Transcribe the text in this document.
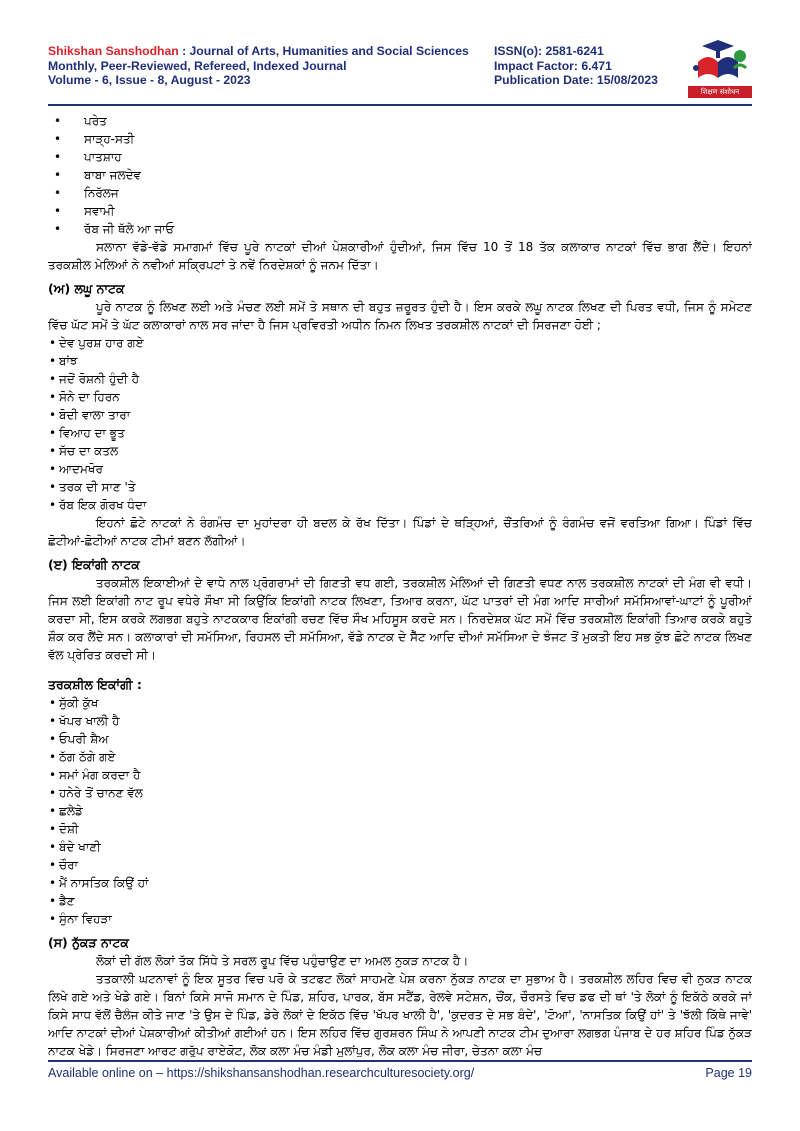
Shikshan Sanshodhan : Journal of Arts, Humanities and Social Sciences
Monthly, Peer-Reviewed, Refereed, Indexed Journal
Volume - 6, Issue - 8, August - 2023
ISSN(o): 2581-6241
Impact Factor: 6.471
Publication Date: 15/08/2023
शिक्षण संशोधन
• ਪਰੇਤ
• ਸਾੜ੍ਹ-ਸਤੀ
• ਪਾਤਸ਼ਾਹ
• ਬਾਬਾ ਜਲਦੇਵ
• ਨਿਰੱਲਜ
• ਸਵਾਮੀ
• ਰੱਬ ਜੀ ਥੱਲੇ ਆ ਜਾਓ

ਸਲਾਨਾ ਵੱਡੇ-ਵੱਡੇ ਸਮਾਗਮਾਂ ਵਿੱਚ ਪੂਰੇ ਨਾਟਕਾਂ ਦੀਆਂ ਪੇਸ਼ਕਾਰੀਆਂ ਹੁੰਦੀਆਂ, ਜਿਸ ਵਿੱਚ 10 ਤੋਂ 18 ਤੱਕ ਕਲਾਕਾਰ ਨਾਟਕਾਂ ਵਿੱਚ ਭਾਗ ਲੈਂਦੇ। ਇਹਨਾਂ ਤਰਕਸ਼ੀਲ ਮੇਲਿਆਂ ਨੇ ਨਵੀਆਂ ਸਕ੍ਰਿਪਟਾਂ ਤੇ ਨਵੇਂ ਨਿਰਦੇਸ਼ਕਾਂ ਨੂੰ ਜਨਮ ਦਿੱਤਾ।

(ਅ) ਲਘੂ ਨਾਟਕ

ਪੂਰੇ ਨਾਟਕ ਨੂੰ ਲਿਖਣ ਲਈ ਅਤੇ ਮੰਚਣ ਲਈ ਸਮੇਂ ਤੇ ਸਥਾਨ ਦੀ ਬਹੁਤ ਜ਼ਰੂਰਤ ਹੁੰਦੀ ਹੈ। ਇਸ ਕਰਕੇ ਲਘੂ ਨਾਟਕ ਲਿਖਣ ਦੀ ਪਿਰਤ ਵਧੀ, ਜਿਸ ਨੂੰ ਸਮੇਟਣ ਵਿੱਚ ਘੱਟ ਸਮੇਂ ਤੇ ਘੱਟ ਕਲਾਕਾਰਾਂ ਨਾਲ ਸਰ ਜਾਂਦਾ ਹੈ ਜਿਸ ਪ੍ਰਵਿਰਤੀ ਅਧੀਨ ਨਿਮਨ ਲਿਖਤ ਤਰਕਸ਼ੀਲ ਨਾਟਕਾਂ ਦੀ ਸਿਰਜਣਾ ਹੋਈ ;

• ਦੇਵ ਪੁਰਸ਼ ਹਾਰ ਗਏ
• ਬਾਂਝ
• ਜਦੋਂ ਰੋਸ਼ਨੀ ਹੁੰਦੀ ਹੈ
• ਸੋਨੇ ਦਾ ਹਿਰਨ
• ਬੋਦੀ ਵਾਲਾ ਤਾਰਾ
• ਵਿਆਹ ਦਾ ਭੂਤ
• ਸੱਚ ਦਾ ਕਤਲ
• ਆਦਮਖੋਰ
• ਤਰਕ ਦੀ ਸਾਣ 'ਤੇ
• ਰੱਬ ਇਕ ਗੋਰਖ ਧੰਦਾ

ਇਹਨਾਂ ਛੋਟੇ ਨਾਟਕਾਂ ਨੇ ਰੰਗਮੰਚ ਦਾ ਮੁਹਾਂਦਰਾ ਹੀ ਬਦਲ ਕੇ ਰੱਖ ਦਿੱਤਾ। ਪਿੰਡਾਂ ਦੇ ਥੜ੍ਹਿਆਂ, ਚੌਂਤਰਿਆਂ ਨੂੰ ਰੰਗਮੰਚ ਵਜੋਂ ਵਰਤਿਆ ਗਿਆ। ਪਿੰਡਾਂ ਵਿੱਚ ਛੋਟੀਆਂ-ਛੋਟੀਆਂ ਨਾਟਕ ਟੀਮਾਂ ਬਣਨ ਲੱਗੀਆਂ।

(ੲ) ਇਕਾਂਗੀ ਨਾਟਕ

ਤਰਕਸ਼ੀਲ ਇਕਾਈਆਂ ਦੇ ਵਾਧੇ ਨਾਲ ਪ੍ਰੋਗਰਾਮਾਂ ਦੀ ਗਿਣਤੀ ਵਧ ਗਈ, ਤਰਕਸ਼ੀਲ ਮੇਲਿਆਂ ਦੀ ਗਿਣਤੀ ਵਧਣ ਨਾਲ ਤਰਕਸ਼ੀਲ ਨਾਟਕਾਂ ਦੀ ਮੰਗ ਵੀ ਵਧੀ। ਜਿਸ ਲਈ ਇਕਾਂਗੀ ਨਾਟ ਰੂਪ ਵਧੇਰੇ ਸੌਖਾ ਸੀ ਕਿਉਂਕਿ ਇਕਾਂਗੀ ਨਾਟਕ ਲਿਖਣਾ, ਤਿਆਰ ਕਰਨਾ, ਘੱਟ ਪਾਤਰਾਂ ਦੀ ਮੰਗ ਆਦਿ ਸਾਰੀਆਂ ਸਮੱਸਿਆਵਾਂ-ਘਾਟਾਂ ਨੂੰ ਪੂਰੀਆਂ ਕਰਦਾ ਸੀ, ਇਸ ਕਰਕੇ ਲਗਭਗ ਬਹੁਤੇ ਨਾਟਕਕਾਰ ਇਕਾਂਗੀ ਰਚਣ ਵਿੱਚ ਸੌਖ ਮਹਿਸੂਸ ਕਰਦੇ ਸਨ। ਨਿਰਦੇਸ਼ਕ ਘੱਟ ਸਮੇਂ ਵਿੱਚ ਤਰਕਸ਼ੀਲ ਇਕਾਂਗੀ ਤਿਆਰ ਕਰਕੇ ਬਹੁਤੇ ਸ਼ੌਕ ਕਰ ਲੈਂਦੇ ਸਨ। ਕਲਾਕਾਰਾਂ ਦੀ ਸਮੱਸਿਆ, ਰਿਹਸਲ ਦੀ ਸਮੱਸਿਆ, ਵੱਡੇ ਨਾਟਕ ਦੇ ਸੈੱਟ ਆਦਿ ਦੀਆਂ ਸਮੱਸਿਆ ਦੇ ਝੰਜਟ ਤੋਂ ਮੁਕਤੀ ਇਹ ਸਭ ਕੁੱਝ ਛੋਟੇ ਨਾਟਕ ਲਿਖਣ ਵੱਲ ਪ੍ਰੇਰਿਤ ਕਰਦੀ ਸੀ।

ਤਰਕਸ਼ੀਲ ਇਕਾਂਗੀ :
• ਸੁੱਕੀ ਕੁੱਖ
• ਖੱਪਰ ਖਾਲੀ ਹੈ
• ਓਪਰੀ ਸ਼ੈਅ
• ਠੱਗ ਠੱਗੇ ਗਏ
• ਸਮਾਂ ਮੰਗ ਕਰਦਾ ਹੈ
• ਹਨੇਰੇ ਤੋਂ ਚਾਨਣ ਵੱਲ
• ਛਲੇਡੇ
• ਦੋਸ਼ੀ
• ਬੰਦੇ ਖਾਣੀ
• ਚੌਰਾ
• ਮੈਂ ਨਾਸਤਿਕ ਕਿਉਂ ਹਾਂ
• ਡੈਣ
• ਸੁੰਨਾ ਵਿਹੜਾ
(ਸ) ਨੁੱਕੜ ਨਾਟਕ

ਲੋਕਾਂ ਦੀ ਗੱਲ ਲੋਕਾਂ ਤੱਕ ਸਿੱਧੇ ਤੇ ਸਰਲ ਰੂਪ ਵਿੱਚ ਪਹੁੰਚਾਉਣ ਦਾ ਅਮਲ ਨੁਕੜ ਨਾਟਕ ਹੈ।

ਤਤਕਾਲੀ ਘਟਨਾਵਾਂ ਨੂੰ ਇਕ ਸੂਤਰ ਵਿਚ ਪਰੋ ਕੇ ਤਟਫਟ ਲੋਕਾਂ ਸਾਹਮਣੇ ਪੇਸ਼ ਕਰਨਾ ਨੁੱਕੜ ਨਾਟਕ ਦਾ ਸੁਭਾਅ ਹੈ। ਤਰਕਸ਼ੀਲ ਲਹਿਰ ਵਿਚ ਵੀ ਨੁਕੜ ਨਾਟਕ ਲਿਖੇ ਗਏ ਅਤੇ ਖੇਡੇ ਗਏ। ਬਿਨਾਂ ਕਿਸੇ ਸਾਜੋ ਸਮਾਨ ਦੇ ਪਿੰਡ, ਸ਼ਹਿਰ, ਪਾਰਕ, ਬੱਸ ਸਟੈਂਡ, ਰੇਲਵੇ ਸਟੇਸ਼ਨ, ਚੌਂਕ, ਚੌਰਸਤੇ ਵਿਚ ਡਫ ਦੀ ਥਾਂ 'ਤੇ ਲੋਕਾਂ ਨੂੰ ਇਕੱਠੇ ਕਰਕੇ ਜਾਂ ਕਿਸੇ ਸਾਧ ਵੱਲੋਂ ਚੈਲੰਜ ਕੀਤੇ ਜਾਣ 'ਤੇ ਉਸ ਦੇ ਪਿੰਡ, ਡੇਰੇ ਲੋਕਾਂ ਦੇ ਇਕੱਠ ਵਿੱਚ 'ਖੱਪਰ ਖਾਲੀ ਹੈ', 'ਕੁਦਰਤ ਦੇ ਸਭ ਬੰਦੇ', 'ਟੋਆ', 'ਨਾਸਤਿਕ ਕਿਉਂ ਹਾਂ' ਤੇ 'ਝੱਲੀ ਕਿੱਥੇ ਜਾਵੇ' ਆਦਿ ਨਾਟਕਾਂ ਦੀਆਂ ਪੇਸ਼ਕਾਰੀਆਂ ਕੀਤੀਆਂ ਗਈਆਂ ਹਨ। ਇਸ ਲਹਿਰ ਵਿੱਚ ਗੁਰਸ਼ਰਨ ਸਿੰਘ ਨੇ ਆਪਣੀ ਨਾਟਕ ਟੀਮ ਦੁਆਰਾ ਲਗਭਗ ਪੰਜਾਬ ਦੇ ਹਰ ਸ਼ਹਿਰ ਪਿੰਡ ਨੁੱਕੜ ਨਾਟਕ ਖੇਡੇ। ਸਿਰਜਣਾ ਆਰਟ ਗਰੁੱਪ ਰਾਏਕੋਟ, ਲੋਕ ਕਲਾ ਮੰਚ ਮੰਡੀ ਮੁਲਾਂਪੁਰ, ਲੋਕ ਕਲਾ ਮੰਚ ਜੀਰਾ, ਚੇਤਨਾ ਕਲਾ ਮੰਚ

Available online on – https://shikshansanshodhan.researchculturesociety.org/	Page 19
